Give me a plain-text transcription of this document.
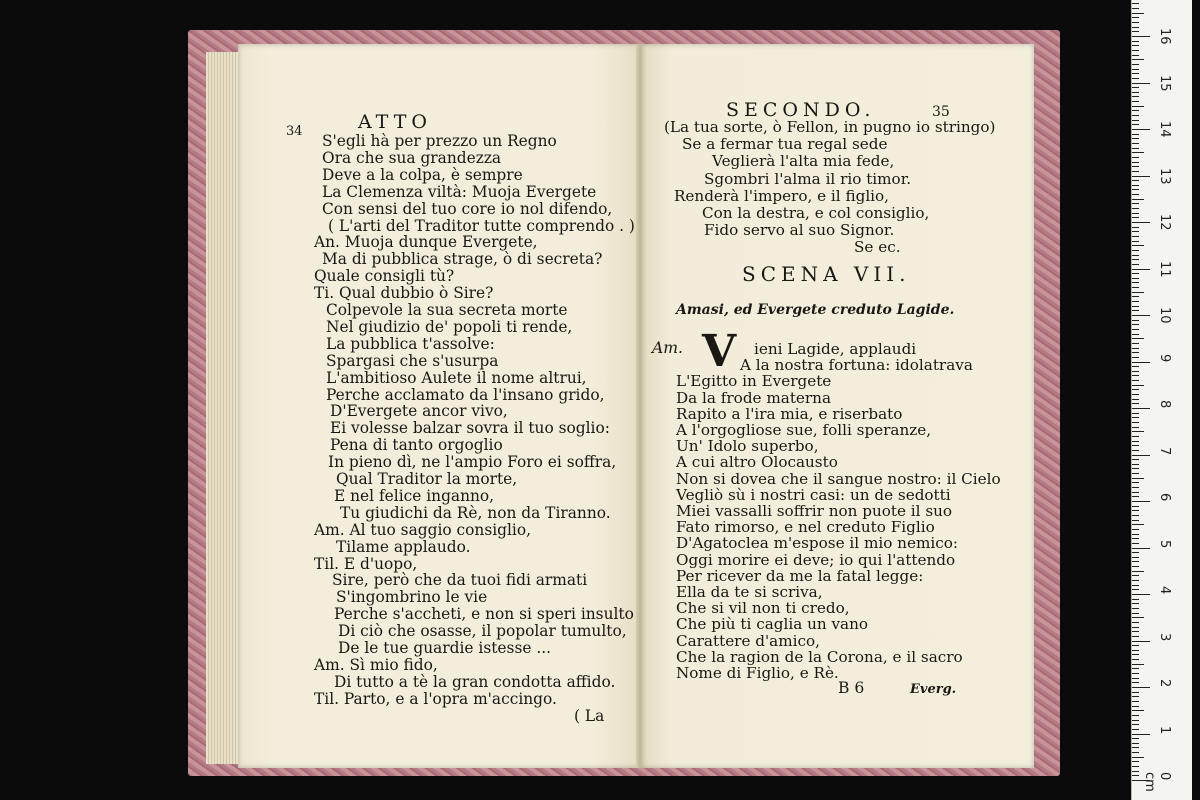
ATTO
34
S'egli hà per prezzo un Regno
Ora che sua grandezza
Deve a la colpa, è sempre
La Clemenza viltà: Muoja Evergete
Con sensi del tuo core io nol difendo,
( L'arti del Traditor tutte comprendo . )
An. Muoja dunque Evergete,
Ma di pubblica strage, ò di secreta?
Quale consigli tù?
Ti. Qual dubbio ò Sire?
Colpevole la sua secreta morte
Nel giudizio de' popoli ti rende,
La pubblica t'assolve:
Spargasi che s'usurpa
L'ambitioso Aulete il nome altrui,
Perche acclamato da l'insano grido,
D'Evergete ancor vivo,
Ei volesse balzar sovra il tuo soglio:
Pena di tanto orgoglio
In pieno dì, ne l'ampio Foro ei soffra,
Qual Traditor la morte,
E nel felice inganno,
Tu giudichi da Rè, non da Tiranno.
Am. Al tuo saggio consiglio,
Tilame applaudo.
Til. E d'uopo,
Sire, però che da tuoi fidi armati
S'ingombrino le vie
Perche s'accheti, e non si speri insulto
Di ciò che osasse, il popolar tumulto,
De le tue guardie istesse ...
Am. Sì mio fido,
Di tutto a tè la gran condotta affido.
Til. Parto, e a l'opra m'accingo.
( La
SECONDO.	35
(La tua sorte, ò Fellon, in pugno io stringo)
Se a fermar tua regal sede
Veglierà l'alta mia fede,
Sgombri l'alma il rio timor.
Renderà l'impero, e il figlio,
Con la destra, e col consiglio,
Fido servo al suo Signor.
Se ec.
SCENA VII.
Amasi, ed Evergete creduto Lagide.
Am. V ieni Lagide, applaudi
A la nostra fortuna: idolatrava
L'Egitto in Evergete
Da la frode materna
Rapito a l'ira mia, e riserbato
A l'orgogliose sue, folli speranze,
Un' Idolo superbo,
A cui altro Olocausto
Non si dovea che il sangue nostro: il Cielo
Vegliò sù i nostri casi: un de sedotti
Miei vassalli soffrir non puote il suo
Fato rimorso, e nel creduto Figlio
D'Agatoclea m'espose il mio nemico:
Oggi morire ei deve; io qui l'attendo
Per ricever da me la fatal legge:
Ella da te si scriva,
Che si vil non ti credo,
Che più ti caglia un vano
Carattere d'amico,
Che la ragion de la Corona, e il sacro
Nome di Figlio, e Rè.
B 6	Everg.
0 cm
1
2
3
4
5
6
7
8
9
10
11
12
13
14
15
16
